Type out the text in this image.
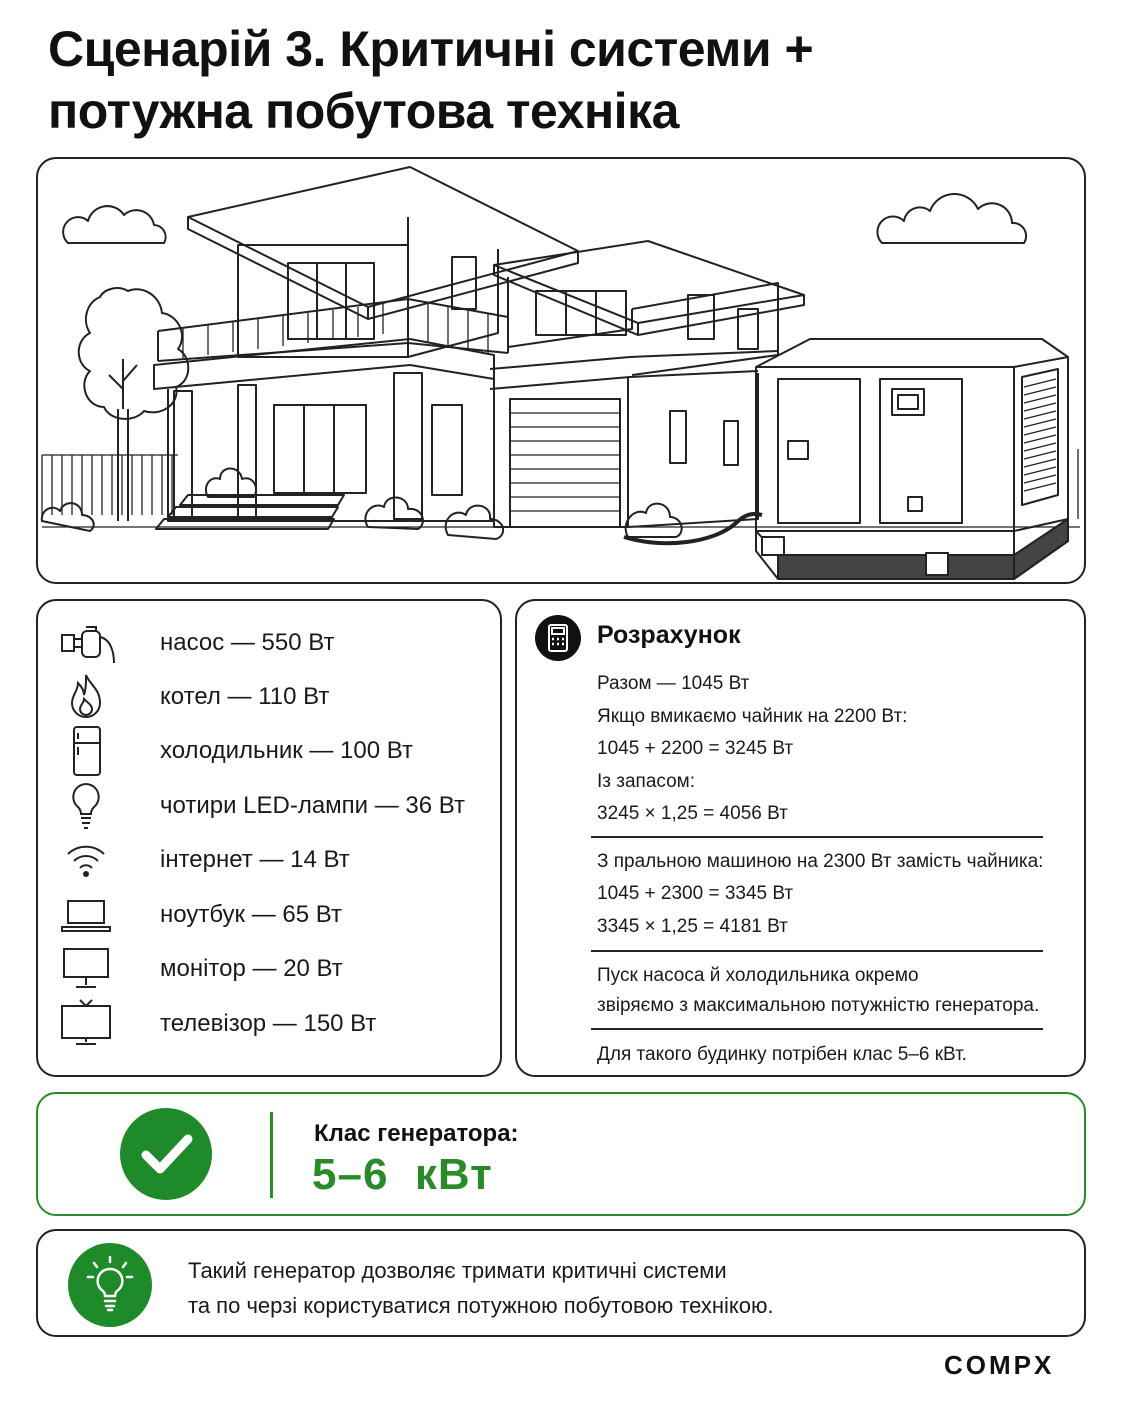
Сценарій 3. Критичні системи +
потужна побутова техніка
насос — 550 Вт
котел — 110 Вт
холодильник — 100 Вт
чотири LED-лампи — 36 Вт
інтернет — 14 Вт
ноутбук — 65 Вт
монітор — 20 Вт
телевізор — 150 Вт
Розрахунок
Разом — 1045 Вт
Якщо вмикаємо чайник на 2200 Вт:
1045 + 2200 = 3245 Вт
Із запасом:
3245 × 1,25 = 4056 Вт
З пральною машиною на 2300 Вт замість чайника:
1045 + 2300 = 3345 Вт
3345 × 1,25 = 4181 Вт
Пуск насоса й холодильника окремо
звіряємо з максимальною потужністю генератора.
Для такого будинку потрібен клас 5–6 кВт.
Клас генератора:
5–6  кВт
Такий генератор дозволяє тримати критичні системи
та по черзі користуватися потужною побутовою технікою.
COMPX
